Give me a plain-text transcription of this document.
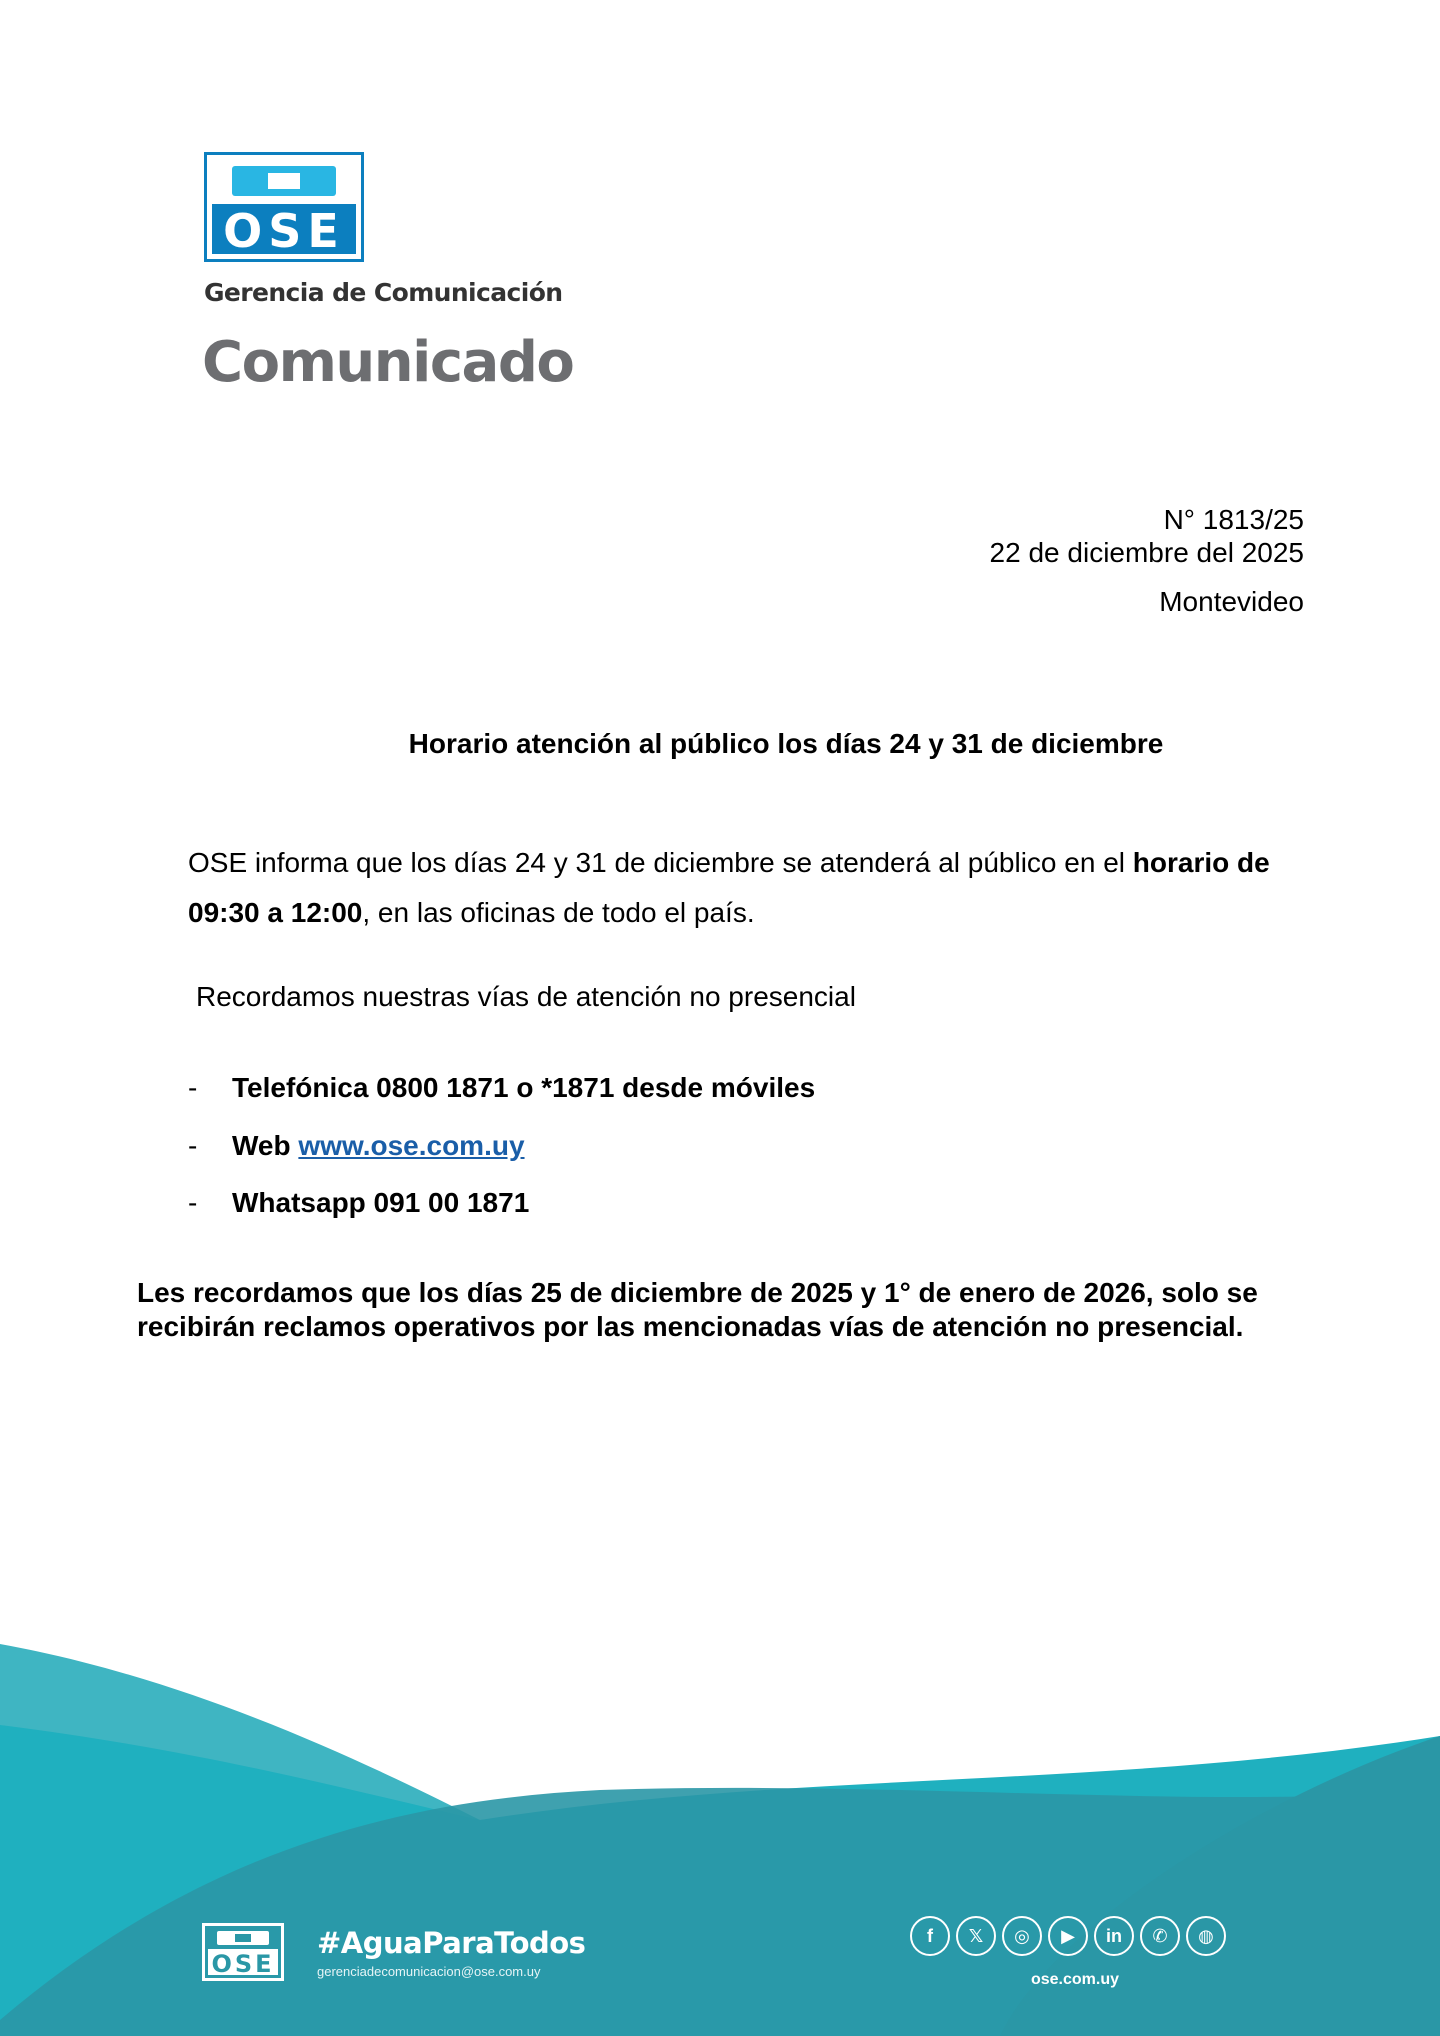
OSE
Gerencia de Comunicación
Comunicado
N° 1813/25
22 de diciembre del 2025
Montevideo
Horario atención al público los días 24 y 31 de diciembre
OSE informa que los días 24 y 31 de diciembre se atenderá al público en el horario de 09:30 a 12:00, en las oficinas de todo el país.
Recordamos nuestras vías de atención no presencial
- Telefónica 0800 1871 o *1871 desde móviles
- Web www.ose.com.uy
- Whatsapp 091 00 1871
Les recordamos que los días 25 de diciembre de 2025 y 1° de enero de 2026, solo se recibirán reclamos operativos por las mencionadas vías de atención no presencial.
OSE
#AguaParaTodos
gerenciadecomunicacion@ose.com.uy
f	𝕏	◎	▶	in	✆	◍
ose.com.uy
